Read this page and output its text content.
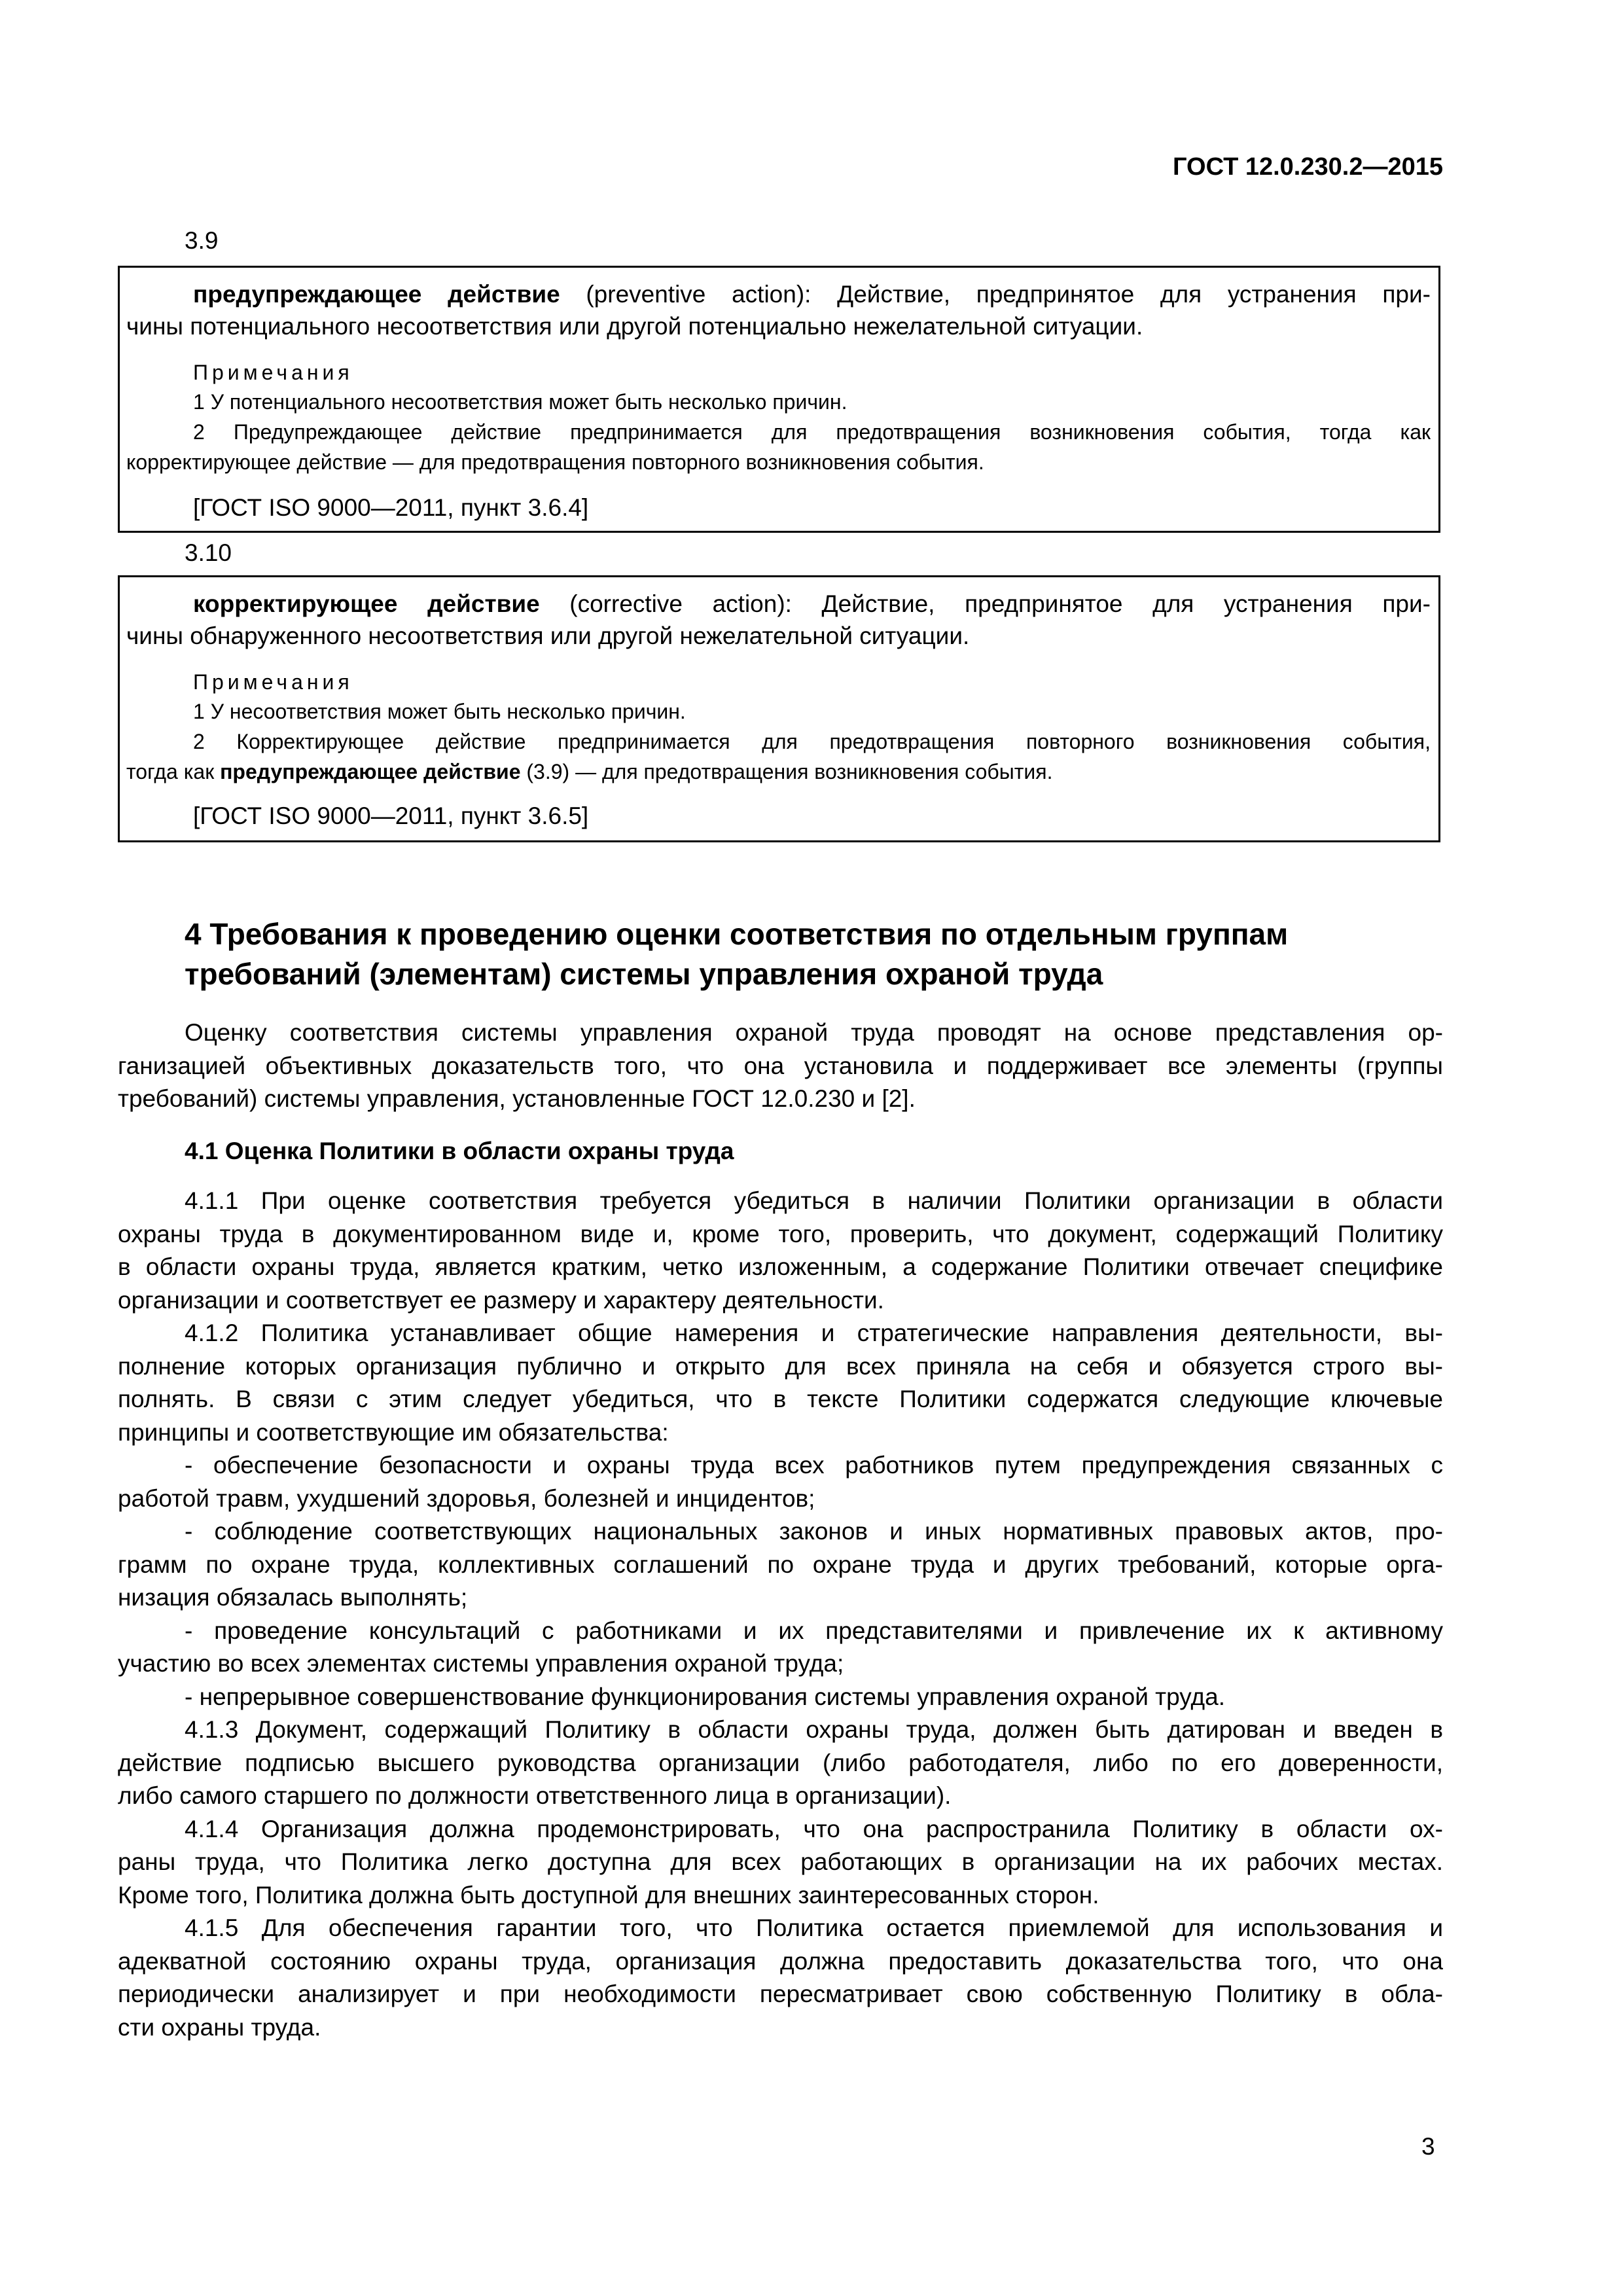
ГОСТ 12.0.230.2—2015
3.9
предупреждающее действие (preventive action): Действие, предпринятое для устранения при-
чины потенциального несоответствия или другой потенциально нежелательной ситуации.
Примечания
1 У потенциального несоответствия может быть несколько причин.
2 Предупреждающее действие предпринимается для предотвращения возникновения события, тогда как
корректирующее действие — для предотвращения повторного возникновения события.
[ГОСТ ISO 9000—2011, пункт 3.6.4]
3.10
корректирующее действие (corrective action): Действие, предпринятое для устранения при-
чины обнаруженного несоответствия или другой нежелательной ситуации.
Примечания
1 У несоответствия может быть несколько причин.
2 Корректирующее действие предпринимается для предотвращения повторного возникновения события,
тогда как предупреждающее действие (3.9) — для предотвращения возникновения события.
[ГОСТ ISO 9000—2011, пункт 3.6.5]
4 Требования к проведению оценки соответствия по отдельным группам
требований (элементам) системы управления охраной труда
Оценку соответствия системы управления охраной труда проводят на основе представления ор-
ганизацией объективных доказательств того, что она установила и поддерживает все элементы (группы
требований) системы управления, установленные ГОСТ 12.0.230 и [2].
4.1 Оценка Политики в области охраны труда
4.1.1 При оценке соответствия требуется убедиться в наличии Политики организации в области
охраны труда в документированном виде и, кроме того, проверить, что документ, содержащий Политику
в области охраны труда, является кратким, четко изложенным, а содержание Политики отвечает специфике
организации и соответствует ее размеру и характеру деятельности.
4.1.2 Политика устанавливает общие намерения и стратегические направления деятельности, вы-
полнение которых организация публично и открыто для всех приняла на себя и обязуется строго вы-
полнять. В связи с этим следует убедиться, что в тексте Политики содержатся следующие ключевые
принципы и соответствующие им обязательства:
- обеспечение безопасности и охраны труда всех работников путем предупреждения связанных с
работой травм, ухудшений здоровья, болезней и инцидентов;
- соблюдение соответствующих национальных законов и иных нормативных правовых актов, про-
грамм по охране труда, коллективных соглашений по охране труда и других требований, которые орга-
низация обязалась выполнять;
- проведение консультаций с работниками и их представителями и привлечение их к активному
участию во всех элементах системы управления охраной труда;
- непрерывное совершенствование функционирования системы управления охраной труда.
4.1.3 Документ, содержащий Политику в области охраны труда, должен быть датирован и введен в
действие подписью высшего руководства организации (либо работодателя, либо по его доверенности,
либо самого старшего по должности ответственного лица в организации).
4.1.4 Организация должна продемонстрировать, что она распространила Политику в области ох-
раны труда, что Политика легко доступна для всех работающих в организации на их рабочих местах.
Кроме того, Политика должна быть доступной для внешних заинтересованных сторон.
4.1.5 Для обеспечения гарантии того, что Политика остается приемлемой для использования и
адекватной состоянию охраны труда, организация должна предоставить доказательства того, что она
периодически анализирует и при необходимости пересматривает свою собственную Политику в обла-
сти охраны труда.
3
